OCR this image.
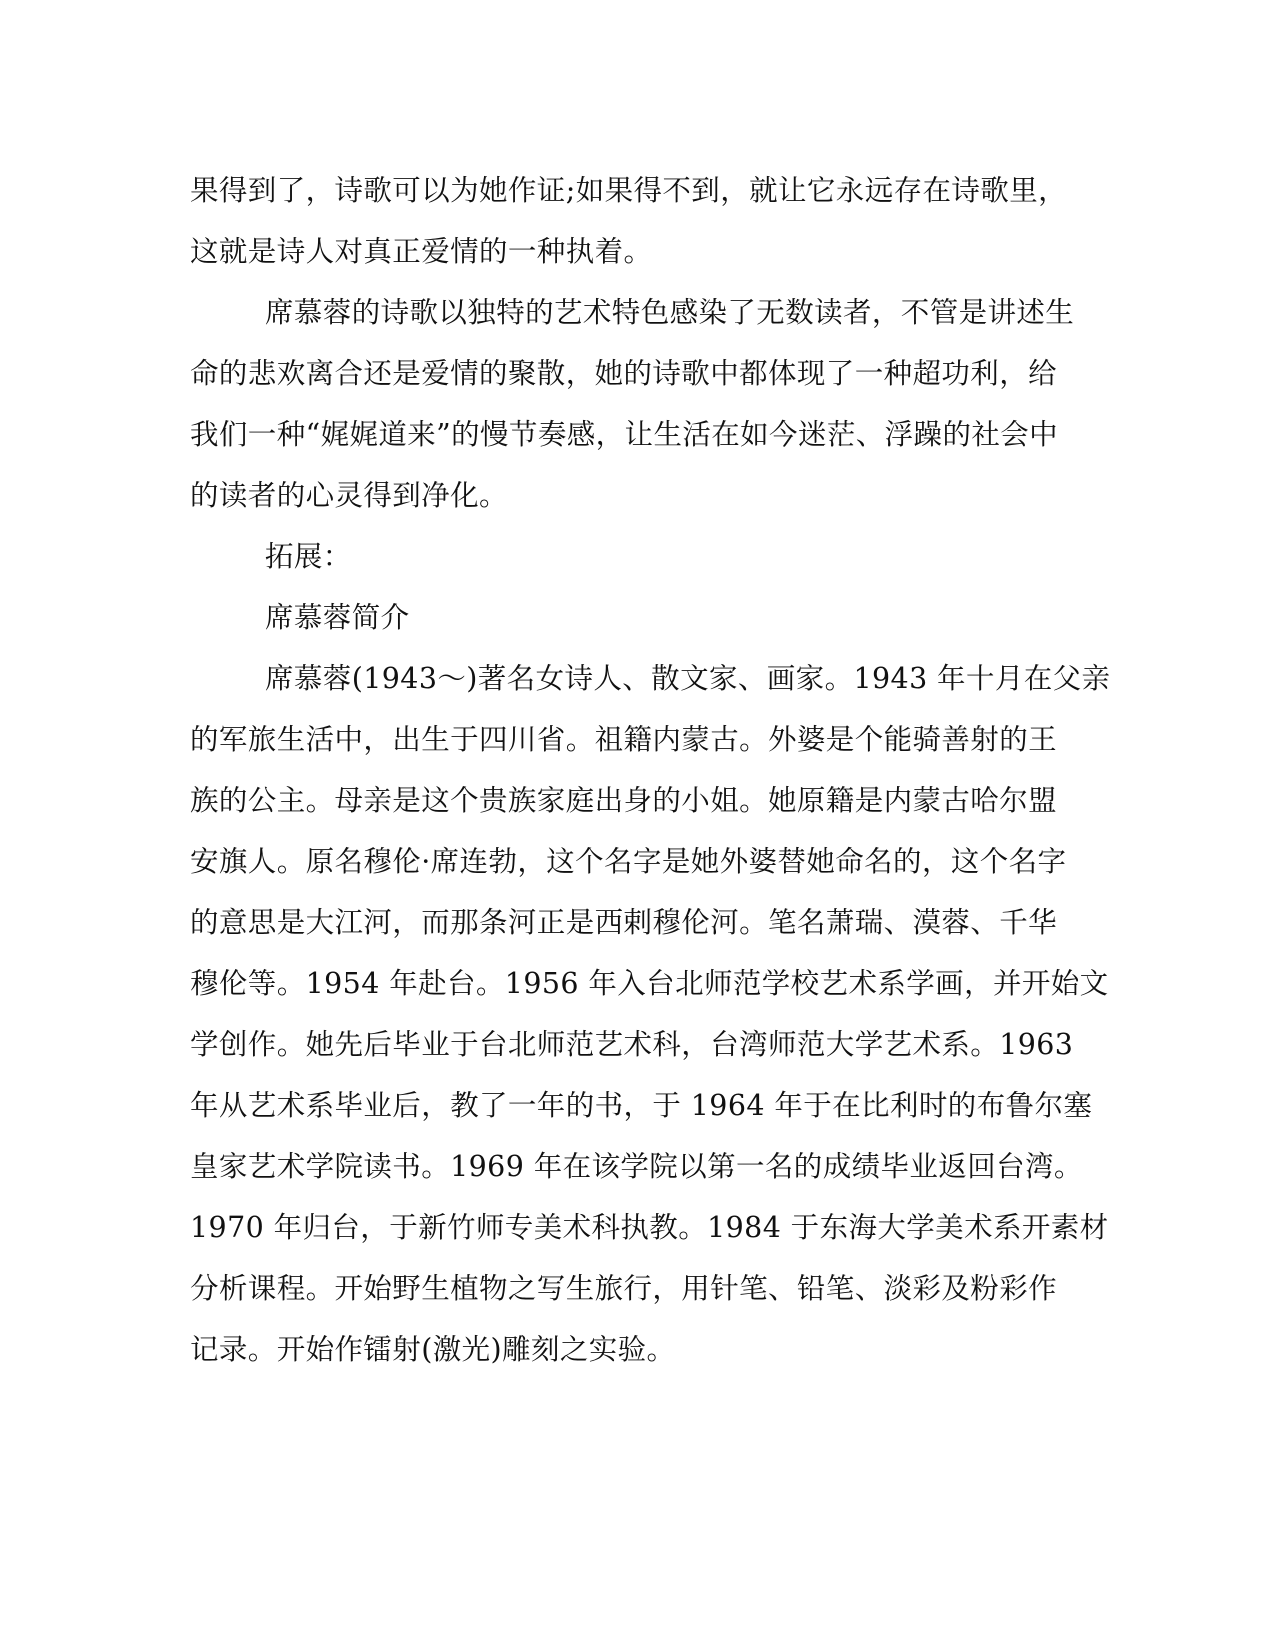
果得到了，诗歌可以为她作证;如果得不到，就让它永远存在诗歌里，
这就是诗人对真正爱情的一种执着。
席慕蓉的诗歌以独特的艺术特色感染了无数读者，不管是讲述生
命的悲欢离合还是爱情的聚散，她的诗歌中都体现了一种超功利，给
我们一种“娓娓道来”的慢节奏感，让生活在如今迷茫、浮躁的社会中
的读者的心灵得到净化。
拓展：
席慕蓉简介
席慕蓉(1943～)著名女诗人、散文家、画家。1943 年十月在父亲
的军旅生活中，出生于四川省。祖籍内蒙古。外婆是个能骑善射的王
族的公主。母亲是这个贵族家庭出身的小姐。她原籍是内蒙古哈尔盟
安旗人。原名穆伦·席连勃，这个名字是她外婆替她命名的，这个名字
的意思是大江河，而那条河正是西剌穆伦河。笔名萧瑞、漠蓉、千华
穆伦等。1954 年赴台。1956 年入台北师范学校艺术系学画，并开始文
学创作。她先后毕业于台北师范艺术科，台湾师范大学艺术系。1963
年从艺术系毕业后，教了一年的书，于 1964 年于在比利时的布鲁尔塞
皇家艺术学院读书。1969 年在该学院以第一名的成绩毕业返回台湾。
1970 年归台，于新竹师专美术科执教。1984 于东海大学美术系开素材
分析课程。开始野生植物之写生旅行，用针笔、铅笔、淡彩及粉彩作
记录。开始作镭射(激光)雕刻之实验。
